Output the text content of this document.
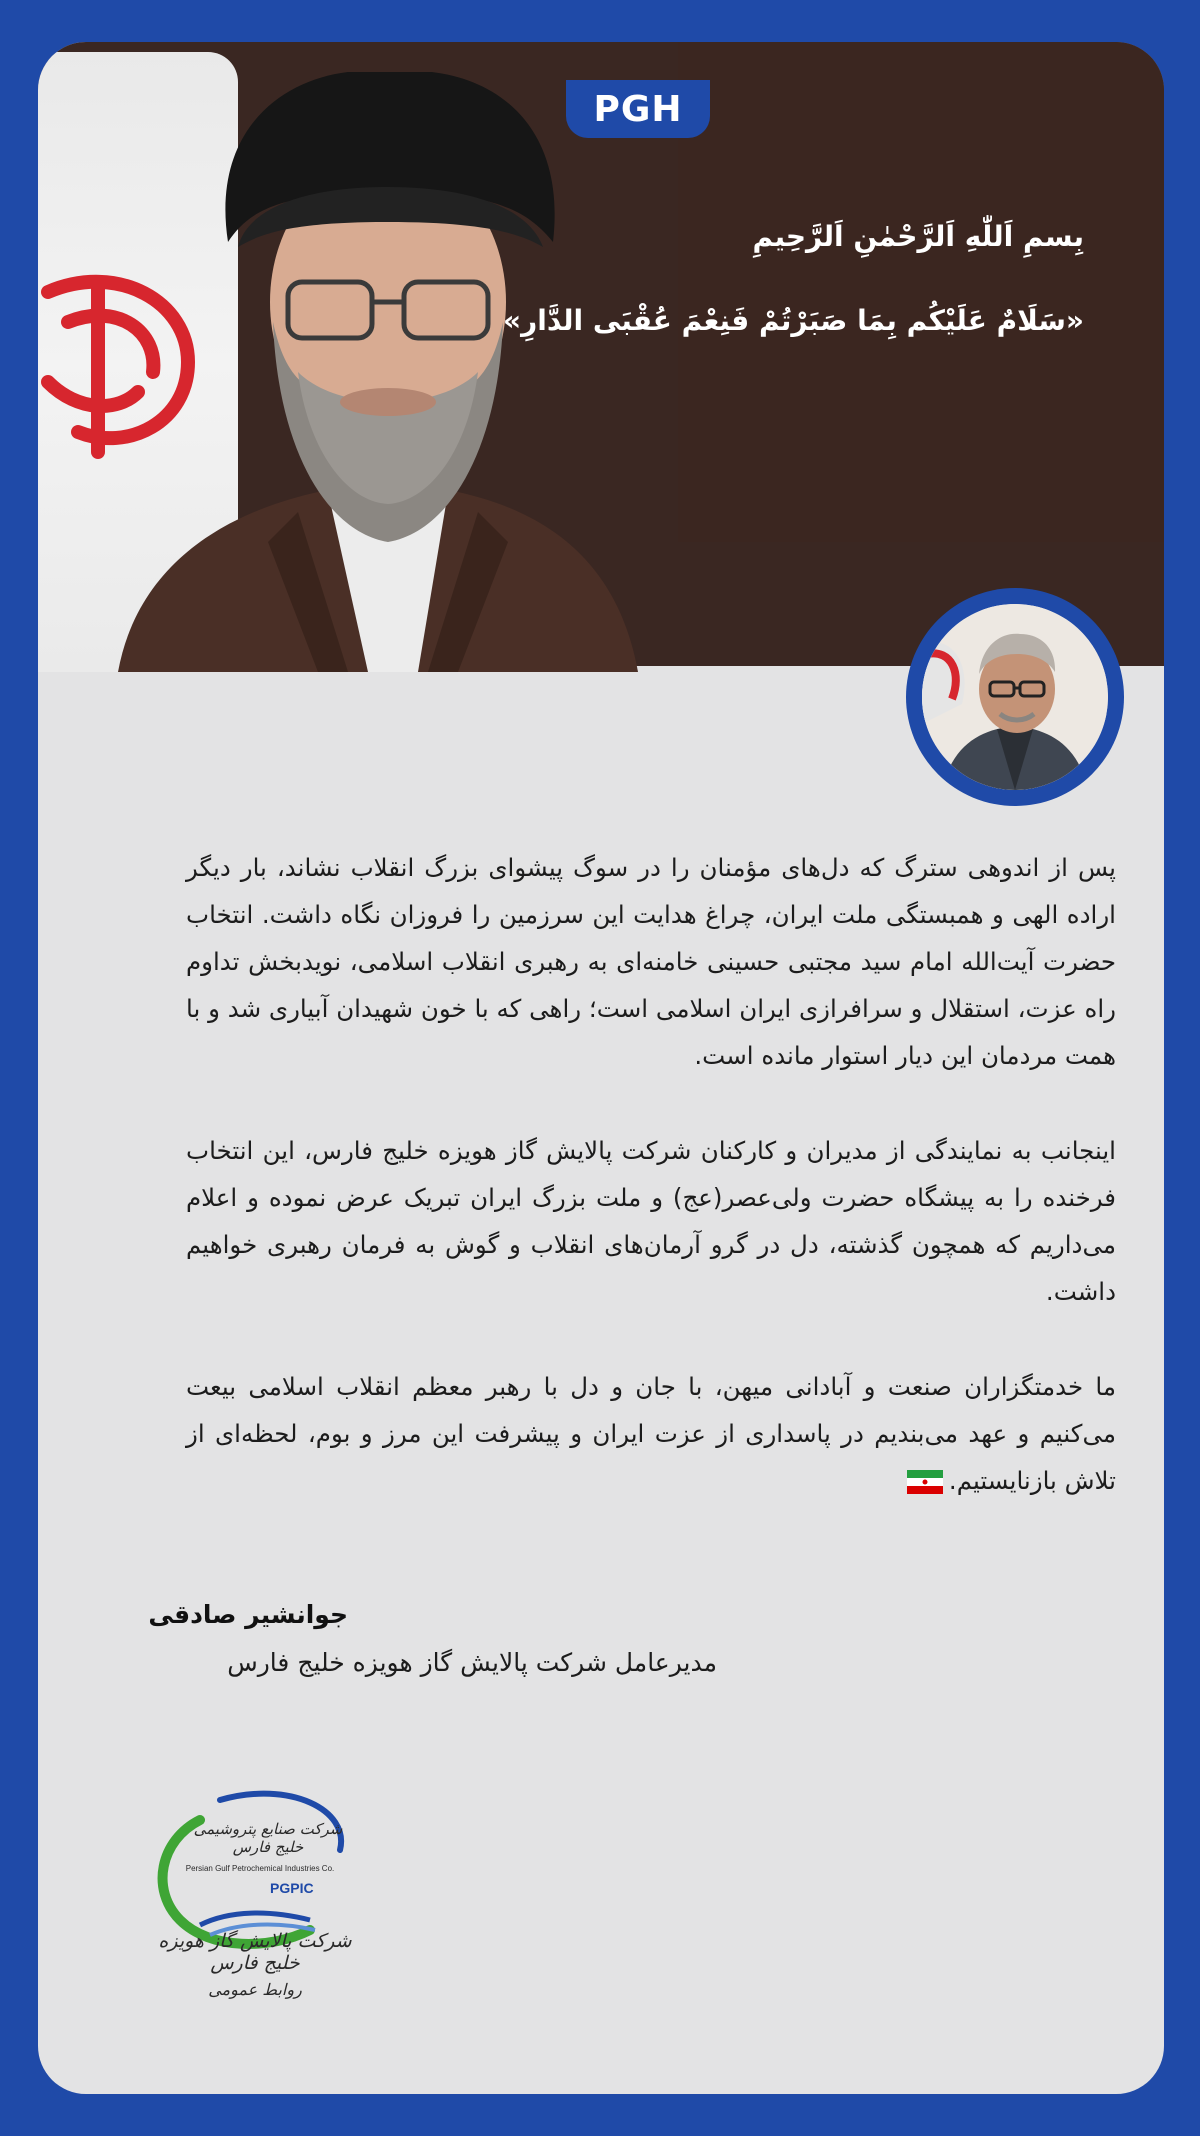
PGH
بِسمِ اَللّٰهِ اَلرَّحْمٰنِ اَلرَّحِیمِ
«سَلَامٌ عَلَیْکُم بِمَا صَبَرْتُمْ فَنِعْمَ عُقْبَی الدَّارِ»

پس از اندوهی سترگ که دل‌های مؤمنان را در سوگ پیشوای بزرگ انقلاب نشاند، بار دیگر اراده الهی و همبستگی ملت ایران، چراغ هدایت این سرزمین را فروزان نگاه داشت. انتخاب حضرت آیت‌الله امام سید مجتبی حسینی خامنه‌ای به رهبری انقلاب اسلامی، نویدبخش تداوم راه عزت، استقلال و سرافرازی ایران اسلامی است؛ راهی که با خون شهیدان آبیاری شد و با همت مردمان این دیار استوار مانده است.

اینجانب به نمایندگی از مدیران و کارکنان شرکت پالایش گاز هویزه خلیج فارس، این انتخاب فرخنده را به پیشگاه حضرت ولی‌عصر(عج) و ملت بزرگ ایران تبریک عرض نموده و اعلام می‌داریم که همچون گذشته، دل در گرو آرمان‌های انقلاب و گوش به فرمان رهبری خواهیم داشت.

ما خدمتگزاران صنعت و آبادانی میهن، با جان و دل با رهبر معظم انقلاب اسلامی بیعت می‌کنیم و عهد می‌بندیم در پاسداری از عزت ایران و پیشرفت این مرز و بوم، لحظه‌ای از تلاش بازنایستیم.

جوانشیر صادقی
مدیرعامل شرکت پالایش گاز هویزه خلیج فارس
شرکت صنایع پتروشیمی خلیج فارس
Persian Gulf Petrochemical Industries Co.
PGPIC
شرکت پالایش گاز هویزه خلیج فارس
روابط عمومی
